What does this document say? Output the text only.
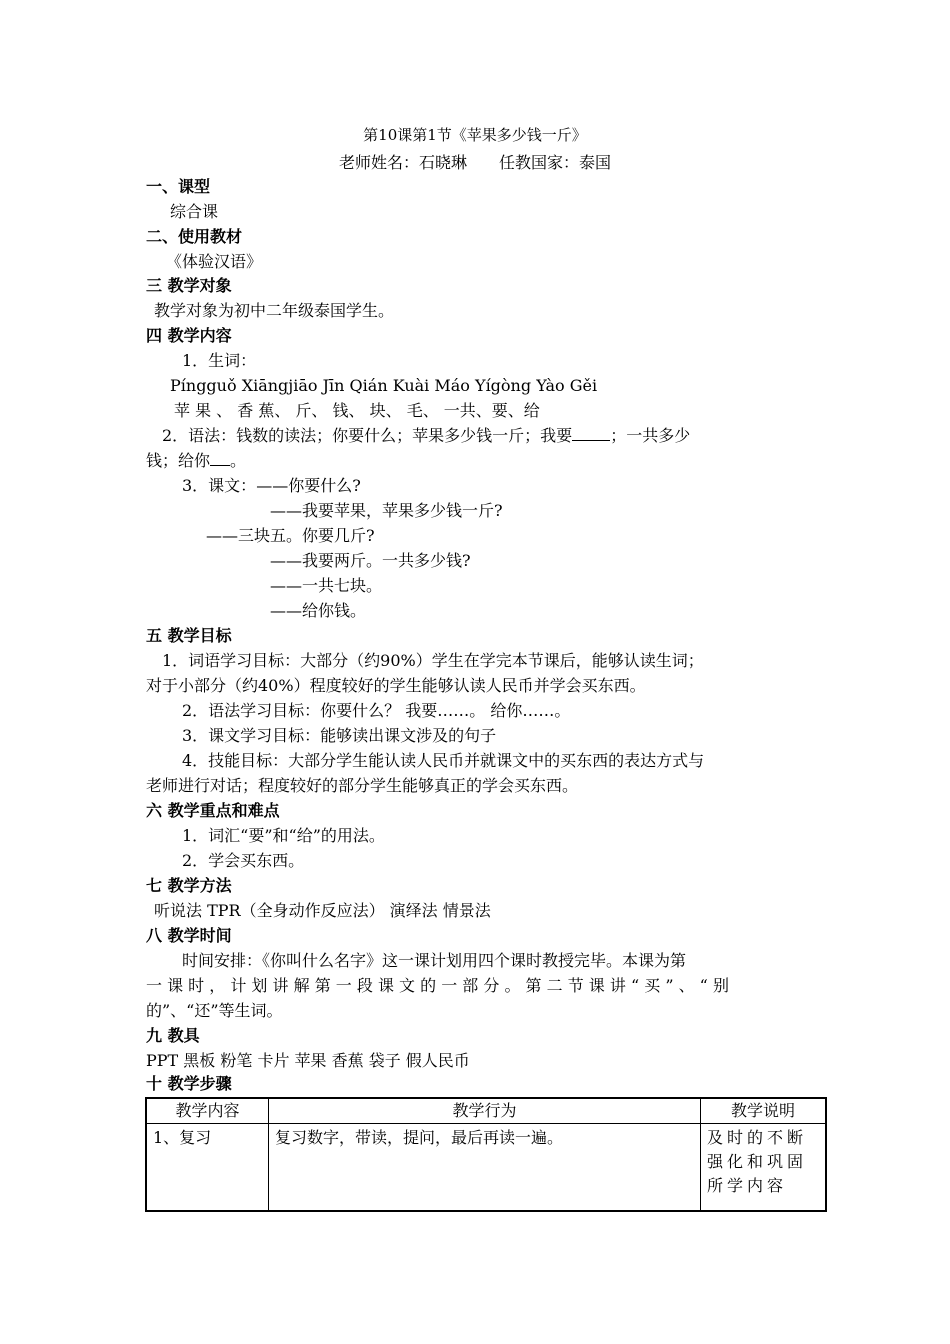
第10课第1节《苹果多少钱一斤》
老师姓名：石晓琳　　任教国家：泰国
一、课型
综合课
二、使用教材
《体验汉语》
三 教学对象
教学对象为初中二年级泰国学生。
四 教学内容
1．生词：
Píngguǒ Xiāngjiāo Jīn Qián Kuài Máo Yígòng Yào Gěi
苹 果 、 香 蕉、 斤、 钱、 块、 毛、 一共、要、给
2．语法：钱数的读法；你要什么；苹果多少钱一斤；我要 ；一共多少
钱；给你 。
3．课文：——你要什么?
——我要苹果，苹果多少钱一斤?
——三块五。你要几斤?
——我要两斤。一共多少钱?
——一共七块。
——给你钱。
五 教学目标
1．词语学习目标：大部分（约90%）学生在学完本节课后，能够认读生词；
对于小部分（约40%）程度较好的学生能够认读人民币并学会买东西。
2．语法学习目标：你要什么？ 我要……。 给你……。
3．课文学习目标：能够读出课文涉及的句子
4．技能目标：大部分学生能认读人民币并就课文中的买东西的表达方式与
老师进行对话；程度较好的部分学生能够真正的学会买东西。
六 教学重点和难点
1．词汇“要”和“给”的用法。
2．学会买东西。
七 教学方法
听说法 TPR（全身动作反应法） 演绎法 情景法
八 教学时间
时间安排：《你叫什么名字》这一课计划用四个课时教授完毕。本课为第
一 课 时 ， 计 划 讲 解 第 一 段 课 文 的 一 部 分 。 第 二 节 课 讲 “ 买 ” 、 “ 别
的”、“还”等生词。
九 教具
PPT 黑板 粉笔 卡片 苹果 香蕉 袋子 假人民币
十 教学步骤
教学内容	教学行为	教学说明
1、复习	复习数字，带读，提问，最后再读一遍。	及时的不断强化和巩固所学内容
